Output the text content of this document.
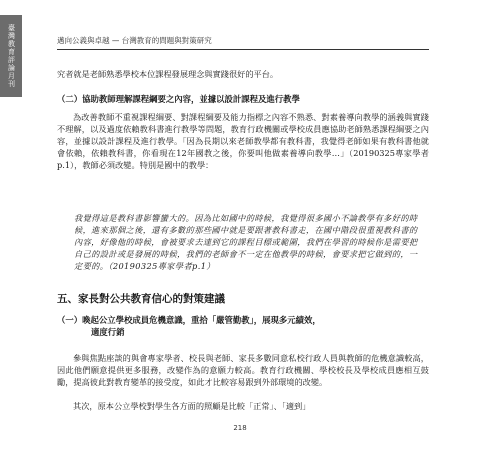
臺灣教育評論月刊	邁向公義與卓越 — 台灣教育的問題與對策研究

究者就是老師熟悉學校本位課程發展理念與實踐很好的平台。

（二）協助教師理解課程綱要之內容，並據以設計課程及進行教學

為改善教師不重視課程綱要、對課程綱要及能力指標之內容不熟悉、對素養導向教學的涵義與實踐不理解，以及過度依賴教科書進行教學等問題，教育行政機關或學校成員應協助老師熟悉課程綱要之內容，並據以設計課程及進行教學。「因為長期以來老師教學都有教科書，我覺得老師如果有教科書他就會依賴，依賴教科書，你看現在12年國教之後，你要叫他做素養導向教學…」（20190325專家學者p.1），教師必須改變。特別是國中的教學：

我覺得這是教科書影響蠻大的。因為比如國中的時候，我覺得很多國小不論教學有多好的時候，進來那個之後，還有多數的那些國中就是要跟著教科書走，在國中階段很重視教科書的內容，好像他的時候，會被要求去達到它的課程目標或範圍，我們在學習的時候你是需要把自己的設計或是發展的時候，我們的老師會不一定在他教學的時候，會要求把它做到的，一定要的。（20190325專家學者p.1）

五、家長對公共教育信心的對策建議
（一）喚起公立學校成員危機意識，重拾「嚴管勤教」，展現多元績效，
適度行銷

參與焦點座談的與會專家學者、校長與老師、家長多數同意私校行政人員與教師的危機意識較高，因此他們願意提供更多服務，改變作為的意願力較高。教育行政機關、學校校長及學校成員應相互鼓勵，提高彼此對教育變革的接受度，如此才比較容易跟到外部環境的改變。

其次，原本公立學校對學生各方面的照顧是比較「正常」、「適到」

218
